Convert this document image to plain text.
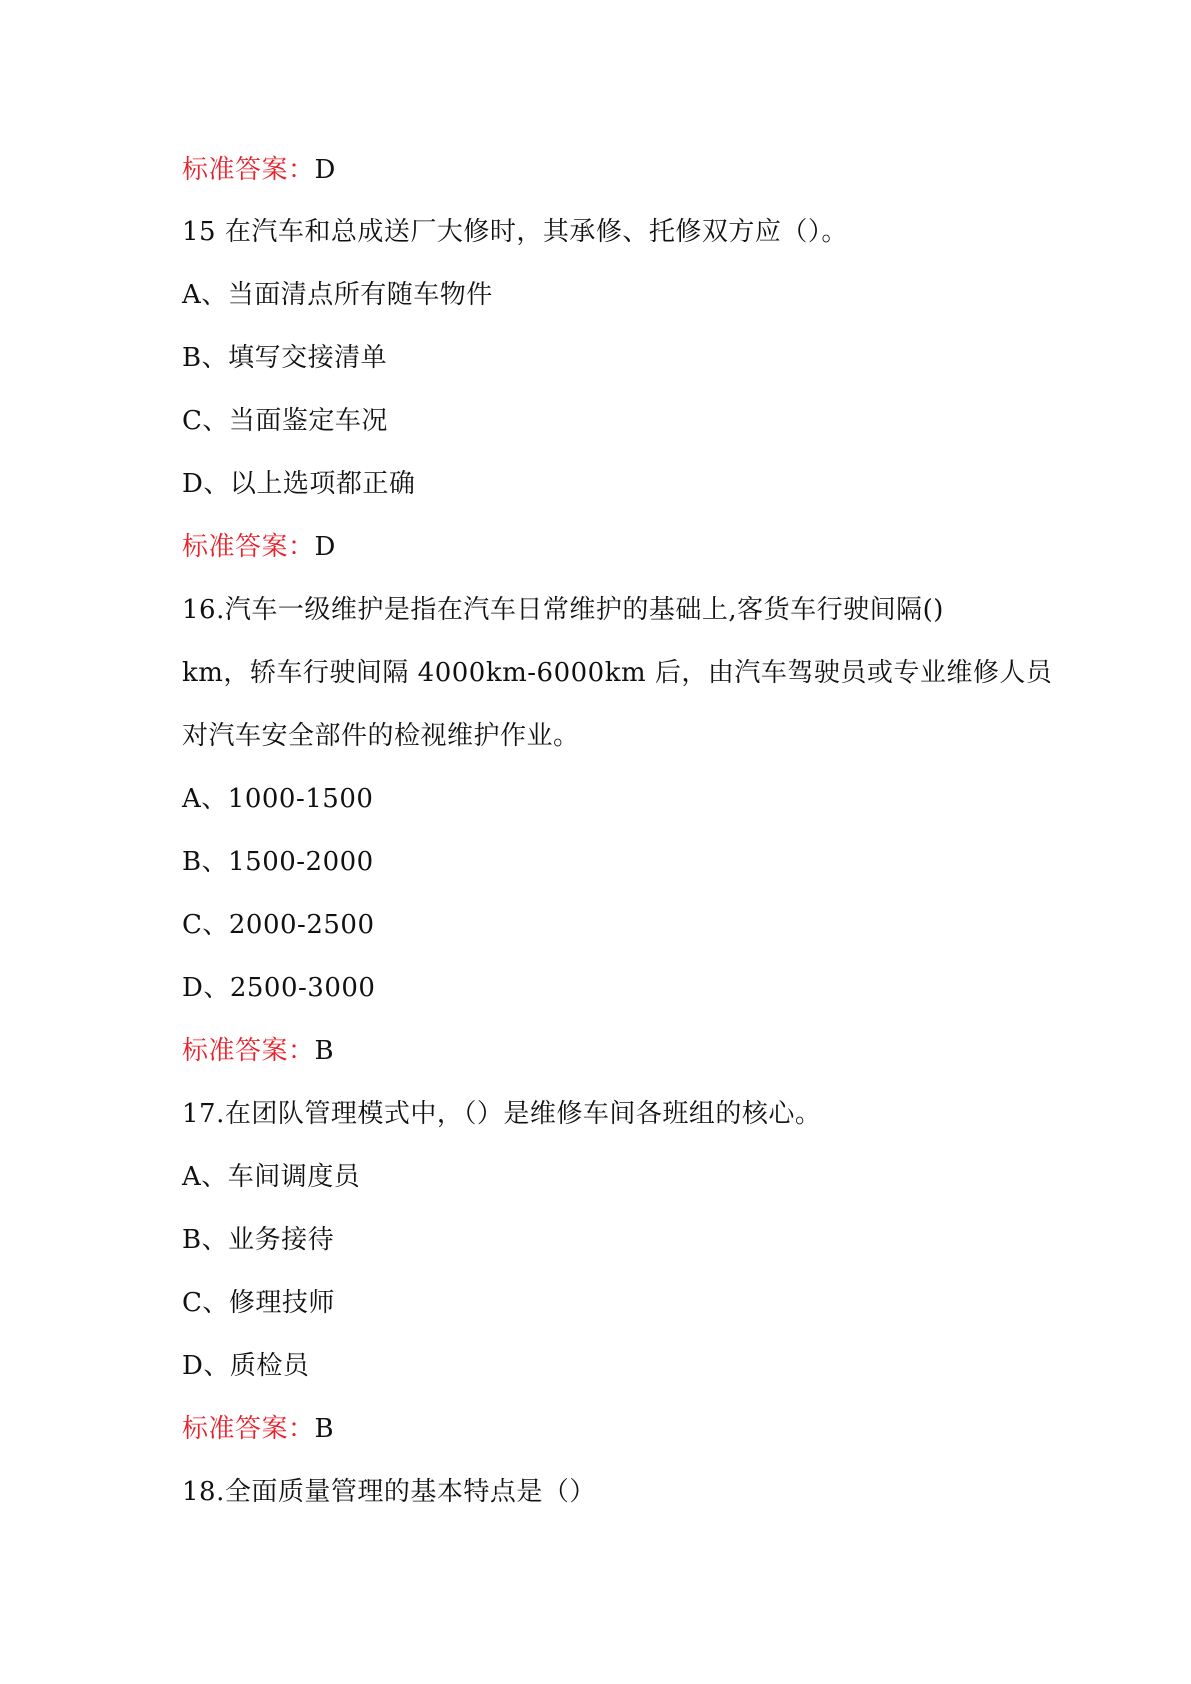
标准答案：D
15 在汽车和总成送厂大修时，其承修、托修双方应（）。
A、当面清点所有随车物件
B、填写交接清单
C、当面鉴定车况
D、以上选项都正确
标准答案：D
16.汽车一级维护是指在汽车日常维护的基础上,客货车行驶间隔()
km，轿车行驶间隔 4000km-6000km 后，由汽车驾驶员或专业维修人员
对汽车安全部件的检视维护作业。
A、1000-1500
B、1500-2000
C、2000-2500
D、2500-3000
标准答案：B
17.在团队管理模式中，（）是维修车间各班组的核心。
A、车间调度员
B、业务接待
C、修理技师
D、质检员
标准答案：B
18.全面质量管理的基本特点是（）
